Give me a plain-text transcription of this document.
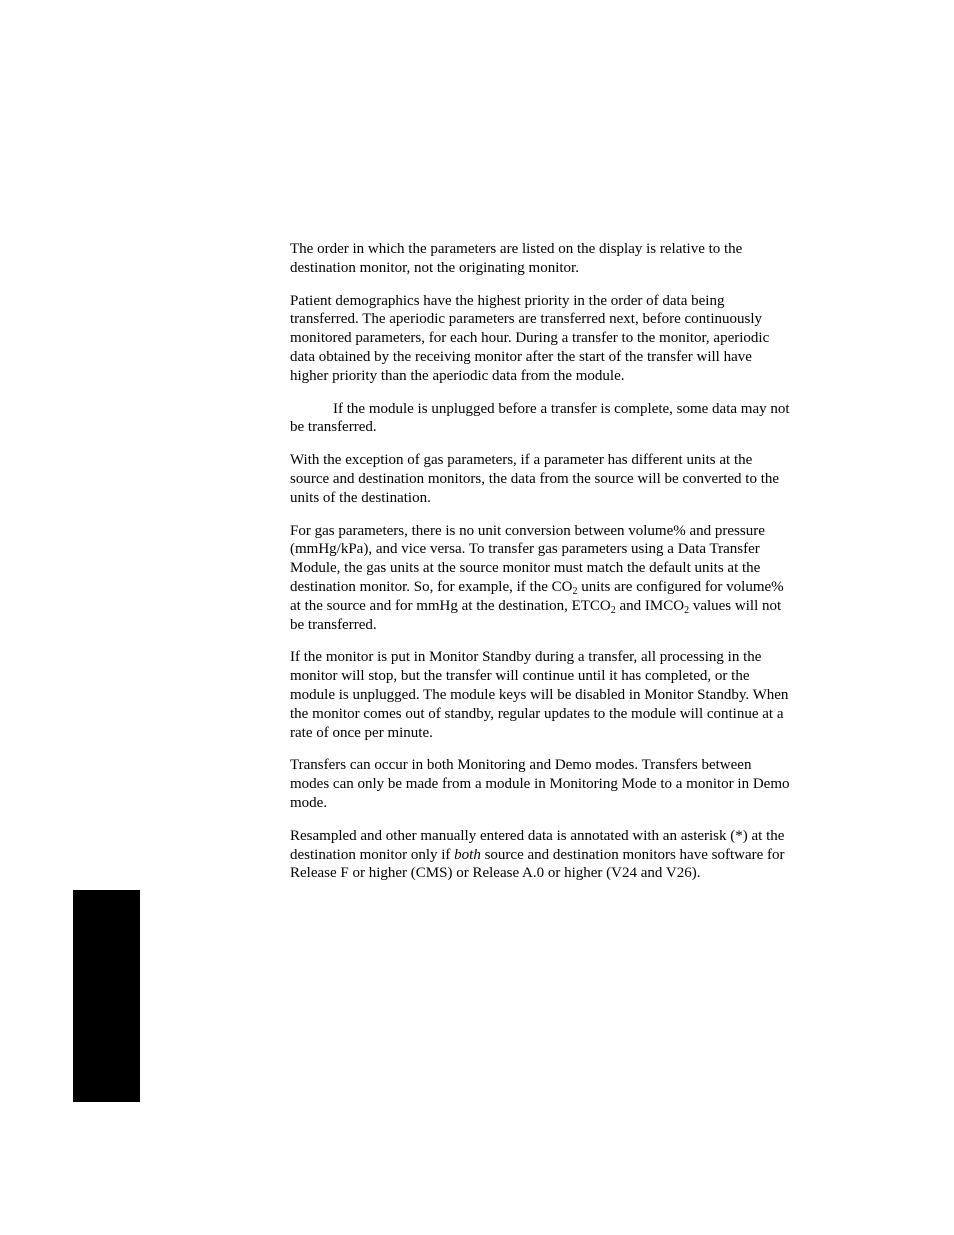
The order in which the parameters are listed on the display is relative to the destination monitor, not the originating monitor.

Patient demographics have the highest priority in the order of data being transferred. The aperiodic parameters are transferred next, before continuously monitored parameters, for each hour. During a transfer to the monitor, aperiodic data obtained by the receiving monitor after the start of the transfer will have higher priority than the aperiodic data from the module.

If the module is unplugged before a transfer is complete, some data may not be transferred.

With the exception of gas parameters, if a parameter has different units at the source and destination monitors, the data from the source will be converted to the units of the destination.

For gas parameters, there is no unit conversion between volume% and pressure (mmHg/kPa), and vice versa. To transfer gas parameters using a Data Transfer Module, the gas units at the source monitor must match the default units at the destination monitor. So, for example, if the $CO_2$ units are configured for volume% at the source and for mmHg at the destination, $ETCO_2$ and $IMCO_2$ values will not be transferred.

If the monitor is put in Monitor Standby during a transfer, all processing in the monitor will stop, but the transfer will continue until it has completed, or the module is unplugged. The module keys will be disabled in Monitor Standby. When the monitor comes out of standby, regular updates to the module will continue at a rate of once per minute.

Transfers can occur in both Monitoring and Demo modes. Transfers between modes can only be made from a module in Monitoring Mode to a monitor in Demo mode.

Resampled and other manually entered data is annotated with an asterisk (*) at the destination monitor only if both source and destination monitors have software for Release F or higher (CMS) or Release A.0 or higher (V24 and V26).
